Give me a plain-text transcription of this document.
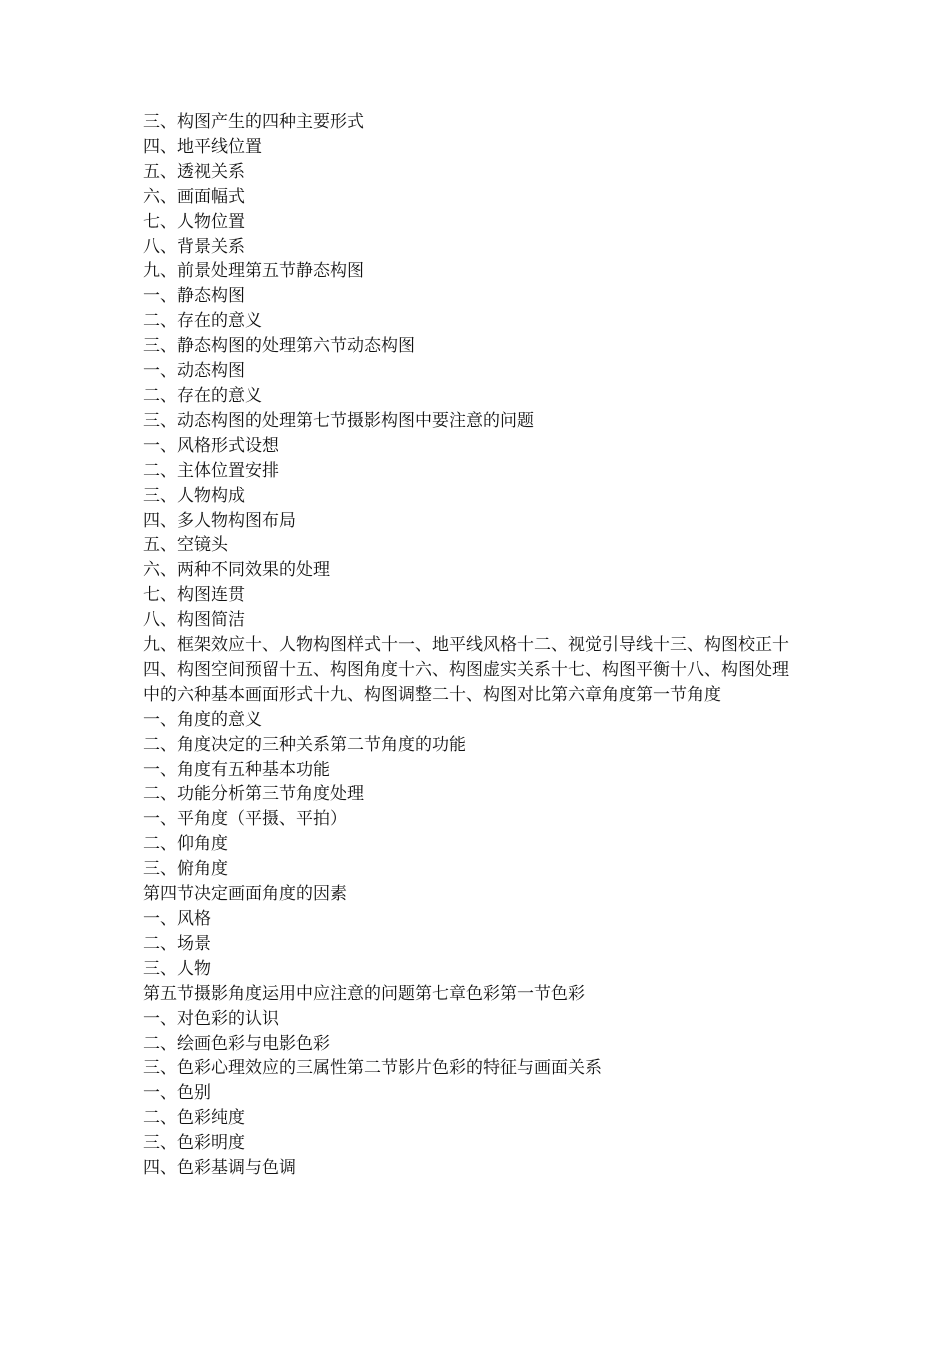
三、构图产生的四种主要形式

四、地平线位置

五、透视关系

六、画面幅式

七、人物位置

八、背景关系

九、前景处理第五节静态构图

一、静态构图

二、存在的意义

三、静态构图的处理第六节动态构图

一、动态构图

二、存在的意义

三、动态构图的处理第七节摄影构图中要注意的问题

一、风格形式设想

二、主体位置安排

三、人物构成

四、多人物构图布局

五、空镜头

六、两种不同效果的处理

七、构图连贯

八、构图简洁

九、框架效应十、人物构图样式十一、地平线风格十二、视觉引导线十三、构图校正十四、构图空间预留十五、构图角度十六、构图虚实关系十七、构图平衡十八、构图处理中的六种基本画面形式十九、构图调整二十、构图对比第六章角度第一节角度

一、角度的意义

二、角度决定的三种关系第二节角度的功能

一、角度有五种基本功能

二、功能分析第三节角度处理

一、平角度（平摄、平拍）

二、仰角度

三、俯角度

第四节决定画面角度的因素

一、风格

二、场景

三、人物

第五节摄影角度运用中应注意的问题第七章色彩第一节色彩

一、对色彩的认识

二、绘画色彩与电影色彩

三、色彩心理效应的三属性第二节影片色彩的特征与画面关系

一、色别

二、色彩纯度

三、色彩明度

四、色彩基调与色调
